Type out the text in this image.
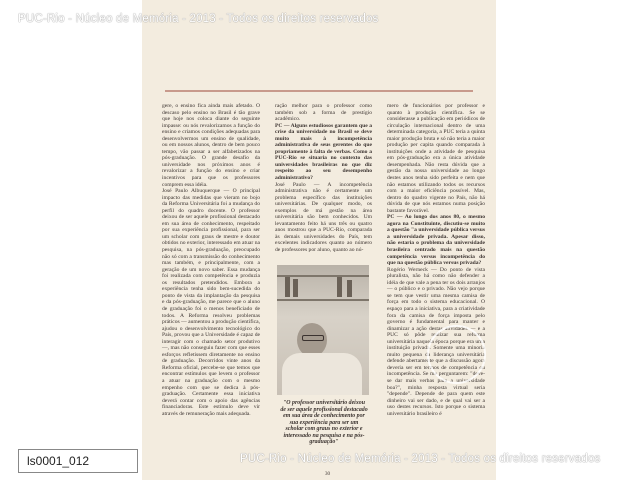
gere, o ensino fica ainda mais afetado. O descaso pelo ensino no Brasil é tão grave que hoje nos coloca diante do seguinte impasse: ou nós revalorizamos a função do ensino e criamos condições adequadas para desenvolvermos um ensino de qualidade, ou em nossos alunos, dentro de bem pouco tempo, vão passar a ser alfabetizados na pós-graduação. O grande desafio da universidade nos próximos anos é revalorizar a função do ensino e criar incentivos para que os professores comprem essa idéia.

José Paulo Albuquerque — O principal impacto das medidas que vieram no bojo da Reforma Universitária foi a mudança do perfil do quadro docente. O professor deixou de ser aquele profissional destacado em sua área de conhecimento, respeitado por sua experiência profissional, para ser um scholar com graus de mestre e doutor obtidos no exterior, interessado em atuar na pesquisa, na pós-graduação, preocupado não só com a transmissão do conhecimento mas também, e principalmente, com a geração de um novo saber. Essa mudança foi realizada com competência e produzia os resultados pretendidos. Embora a experiência tenha sido bem-sucedida do ponto de vista da implantação da pesquisa e da pós-graduação, me parece que o aluno de graduação foi o menos beneficiado de todos. A Reforma resolveu problemas práticos — aumentou a produção científica, ajudou o desenvolvimento tecnológico do País, provou que a Universidade é capaz de interagir com o chamado setor produtivo —, mas não conseguiu fazer com que esses esforços refletissem diretamente no ensino de graduação. Decorridos vinte anos da Reforma oficial, percebe-se que temos que encontrar estímulos que levem o professor a atuar na graduação com o mesmo empenho com que se dedica à pós-graduação. Certamente essa iniciativa deverá contar com o apoio das agências financiadoras. Este estímulo deve vir através de remuneração mais adequada.

ração melhor para o professor como também sob a forma de prestígio acadêmico.

PC — Alguns estudiosos garantem que a crise da universidade no Brasil se deve muito mais à incompetência administrativa de seus gerentes do que propriamente à falta de verbas. Como a PUC-Rio se situaria no contexto das universidades brasileiras no que diz respeito ao seu desempenho administrativo?

José Paulo — A incompetência administrativa não é certamente um problema específico das instituições universitárias. De qualquer modo, os exemplos de má gestão na área universitária são bem conhecidos. Um levantamento feito há uns três ou quatro anos mostrou que a PUC-Rio, comparada às demais universidades do País, tem excelentes indicadores quanto ao número de professores por aluno, quanto ao nú-

"O professor universitário deixou de ser aquele profissional destacado em sua área de conhecimento por sua experiência para ser um scholar com graus no exterior e interessado na pesquisa e na pós-graduação"

mero de funcionários por professor e quanto à produção científica. Se se considerasse a publicação em periódicos de circulação internacional dentro de uma determinada categoria, a PUC teria a quinta maior produção bruta e só não teria a maior produção per capita quando comparada à instituições onde a atividade de pesquisa em pós-graduação era a única atividade desempenhada. Não resta dúvida que a gestão da nossa universidade ao longo destes anos tenha sido perfeita e nem que não estamos utilizando todos os recursos com a maior eficiência possível. Mas, dentro do quadro vigente no País, não há dúvida de que nós estamos numa posição bastante favorável.

PC — Ao longo dos anos 80, o mesmo agora na Constituinte, discutiu-se muito a questão "a universidade pública versus a universidade privada. Apesar disso, não estaria o problema da universidade brasileira centrado mais na questão competência versus incompetência do que na questão pública versus privada?

Rogério Werneck — Do ponto de vista pluralista, não há como não defender a idéia de que vale a pena ter os dois arranjos — o público e o privado. Não vejo porque se tem que vestir uma mesma camisa de força em todo o sistema educacional. O espaço para a iniciativa, para a criatividade fora da camisa de força imposta pelo governo é fundamental para manter e dinamizar a ação destas atividades — e a PUC só pôde realizar sua reforma universitária naquela época porque era uma instituição privada. Somente uma minoria muito pequena da liderança universitária defende abertamente que a discussão agora deveria ser em termos de competência ou incompetência. Se me perguntarem: "deve-se dar mais verbas para a universidade boa?", minha resposta virtual seria "depende". Depende de para quem este dinheiro vai ser dado, e de qual vai ser a uso destes recursos. Isto porque o sistema universitário brasileiro é

30
PUC-Rio - Núcleo de Memória - 2013 - Todos os direitos reservados
PUC-Rio - Núcleo de Memória - 2013 - Todos os direitos reservados
ls0001_012
